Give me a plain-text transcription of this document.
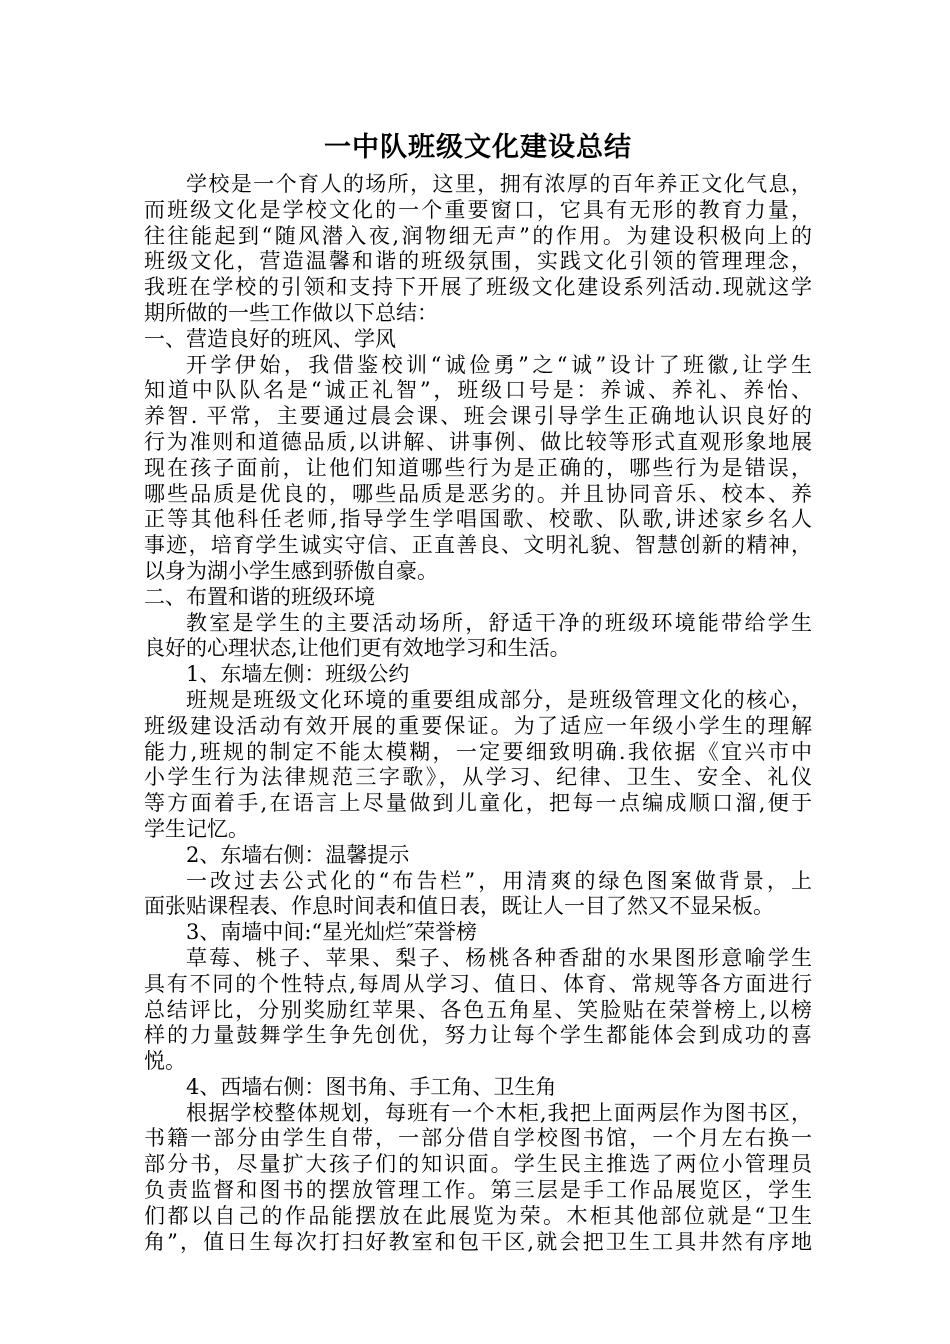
一中队班级文化建设总结
学校是一个育人的场所，这里，拥有浓厚的百年养正文化气息，
而班级文化是学校文化的一个重要窗口，它具有无形的教育力量，
往往能起到“随风潜入夜,润物细无声”的作用。为建设积极向上的
班级文化，营造温馨和谐的班级氛围，实践文化引领的管理理念，
我班在学校的引领和支持下开展了班级文化建设系列活动.现就这学
期所做的一些工作做以下总结：
一、营造良好的班风、学风
开学伊始，我借鉴校训“诚俭勇”之“诚”设计了班徽,让学生
知道中队队名是“诚正礼智”，班级口号是：养诚、养礼、养怡、
养智. 平常，主要通过晨会课、班会课引导学生正确地认识良好的
行为准则和道德品质,以讲解、讲事例、做比较等形式直观形象地展
现在孩子面前，让他们知道哪些行为是正确的，哪些行为是错误，
哪些品质是优良的，哪些品质是恶劣的。并且协同音乐、校本、养
正等其他科任老师,指导学生学唱国歌、校歌、队歌,讲述家乡名人
事迹，培育学生诚实守信、正直善良、文明礼貌、智慧创新的精神，
以身为湖小学生感到骄傲自豪。
二、布置和谐的班级环境
教室是学生的主要活动场所，舒适干净的班级环境能带给学生
良好的心理状态,让他们更有效地学习和生活。
1、东墙左侧：班级公约
班规是班级文化环境的重要组成部分，是班级管理文化的核心，
班级建设活动有效开展的重要保证。为了适应一年级小学生的理解
能力,班规的制定不能太模糊，一定要细致明确.我依据《宜兴市中
小学生行为法律规范三字歌》，从学习、纪律、卫生、安全、礼仪
等方面着手,在语言上尽量做到儿童化，把每一点编成顺口溜,便于
学生记忆。
2、东墙右侧：温馨提示
一改过去公式化的“布告栏”，用清爽的绿色图案做背景，上
面张贴课程表、作息时间表和值日表，既让人一目了然又不显呆板。
3、南墙中间:“星光灿烂″荣誉榜
草莓、桃子、苹果、梨子、杨桃各种香甜的水果图形意喻学生
具有不同的个性特点,每周从学习、值日、体育、常规等各方面进行
总结评比，分别奖励红苹果、各色五角星、笑脸贴在荣誉榜上,以榜
样的力量鼓舞学生争先创优，努力让每个学生都能体会到成功的喜
悦。
4、西墙右侧：图书角、手工角、卫生角
根据学校整体规划，每班有一个木柜,我把上面两层作为图书区，
书籍一部分由学生自带，一部分借自学校图书馆，一个月左右换一
部分书，尽量扩大孩子们的知识面。学生民主推选了两位小管理员
负责监督和图书的摆放管理工作。第三层是手工作品展览区，学生
们都以自己的作品能摆放在此展览为荣。木柜其他部位就是“卫生
角”，值日生每次打扫好教室和包干区,就会把卫生工具井然有序地
